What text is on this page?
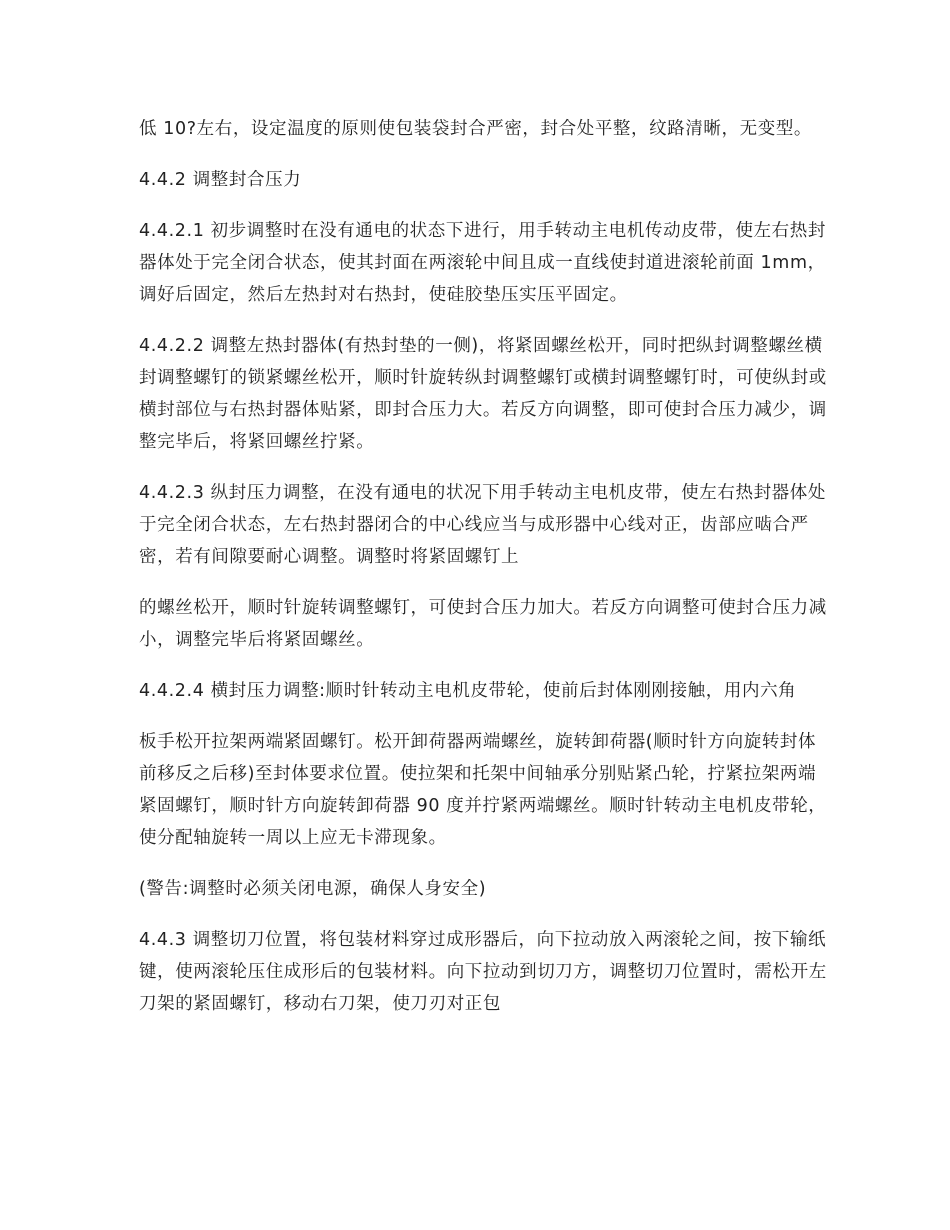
低 10?左右，设定温度的原则使包装袋封合严密，封合处平整，纹路清晰，无变型。

4.4.2 调整封合压力

4.4.2.1 初步调整时在没有通电的状态下进行，用手转动主电机传动皮带，使左右热封器体处于完全闭合状态，使其封面在两滚轮中间且成一直线使封道进滚轮前面 1mm，调好后固定，然后左热封对右热封，使硅胶垫压实压平固定。

4.4.2.2 调整左热封器体(有热封垫的一侧)，将紧固螺丝松开，同时把纵封调整螺丝横封调整螺钉的锁紧螺丝松开，顺时针旋转纵封调整螺钉或横封调整螺钉时，可使纵封或横封部位与右热封器体贴紧，即封合压力大。若反方向调整，即可使封合压力减少，调整完毕后，将紧回螺丝拧紧。

4.4.2.3 纵封压力调整，在没有通电的状况下用手转动主电机皮带，使左右热封器体处于完全闭合状态，左右热封器闭合的中心线应当与成形器中心线对正，齿部应啮合严密，若有间隙要耐心调整。调整时将紧固螺钉上

的螺丝松开，顺时针旋转调整螺钉，可使封合压力加大。若反方向调整可使封合压力减小，调整完毕后将紧固螺丝。

4.4.2.4 横封压力调整:顺时针转动主电机皮带轮，使前后封体刚刚接触，用内六角

板手松开拉架两端紧固螺钉。松开卸荷器两端螺丝，旋转卸荷器(顺时针方向旋转封体前移反之后移)至封体要求位置。使拉架和托架中间轴承分别贴紧凸轮，拧紧拉架两端紧固螺钉，顺时针方向旋转卸荷器 90 度并拧紧两端螺丝。顺时针转动主电机皮带轮，使分配轴旋转一周以上应无卡滞现象。

(警告:调整时必须关闭电源，确保人身安全)

4.4.3 调整切刀位置，将包装材料穿过成形器后，向下拉动放入两滚轮之间，按下输纸键，使两滚轮压住成形后的包装材料。向下拉动到切刀方，调整切刀位置时，需松开左刀架的紧固螺钉，移动右刀架，使刀刃对正包
